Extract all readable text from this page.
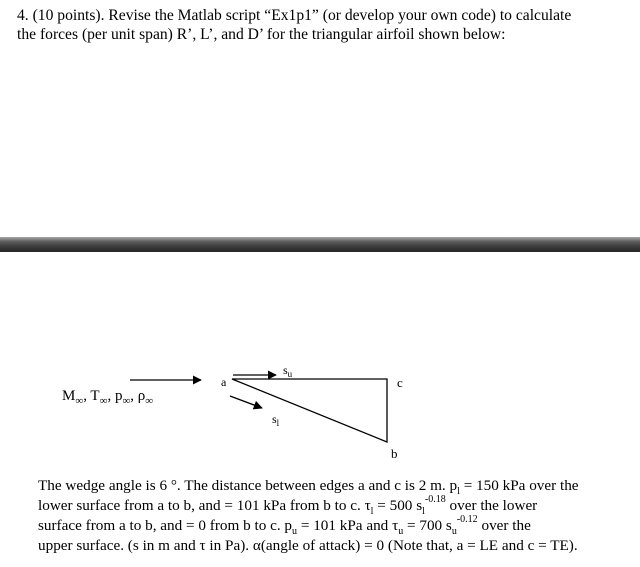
4. (10 points). Revise the Matlab script “Ex1p1” (or develop your own code) to calculate
the forces (per unit span) R’, L’, and D’ for the triangular airfoil shown below:
$M_\infty$, $T_\infty$, $p_\infty$, $\rho_\infty$
a	c
b
$s_u$
$s_l$
The wedge angle is 6 °. The distance between edges a and c is 2 m. $p_l = 150$ kPa over the
lower surface from a to b, and = 101 kPa from b to c. $\tau_l = 500$ $s_l^{-0.18}$ over the lower
surface from a to b, and = 0 from b to c. $p_u = 101$ kPa and $\tau_u = 700$ $s_u^{-0.12}$ over the
upper surface. (s in m and τ in Pa). α(angle of attack) = 0 (Note that, a = LE and c = TE).
